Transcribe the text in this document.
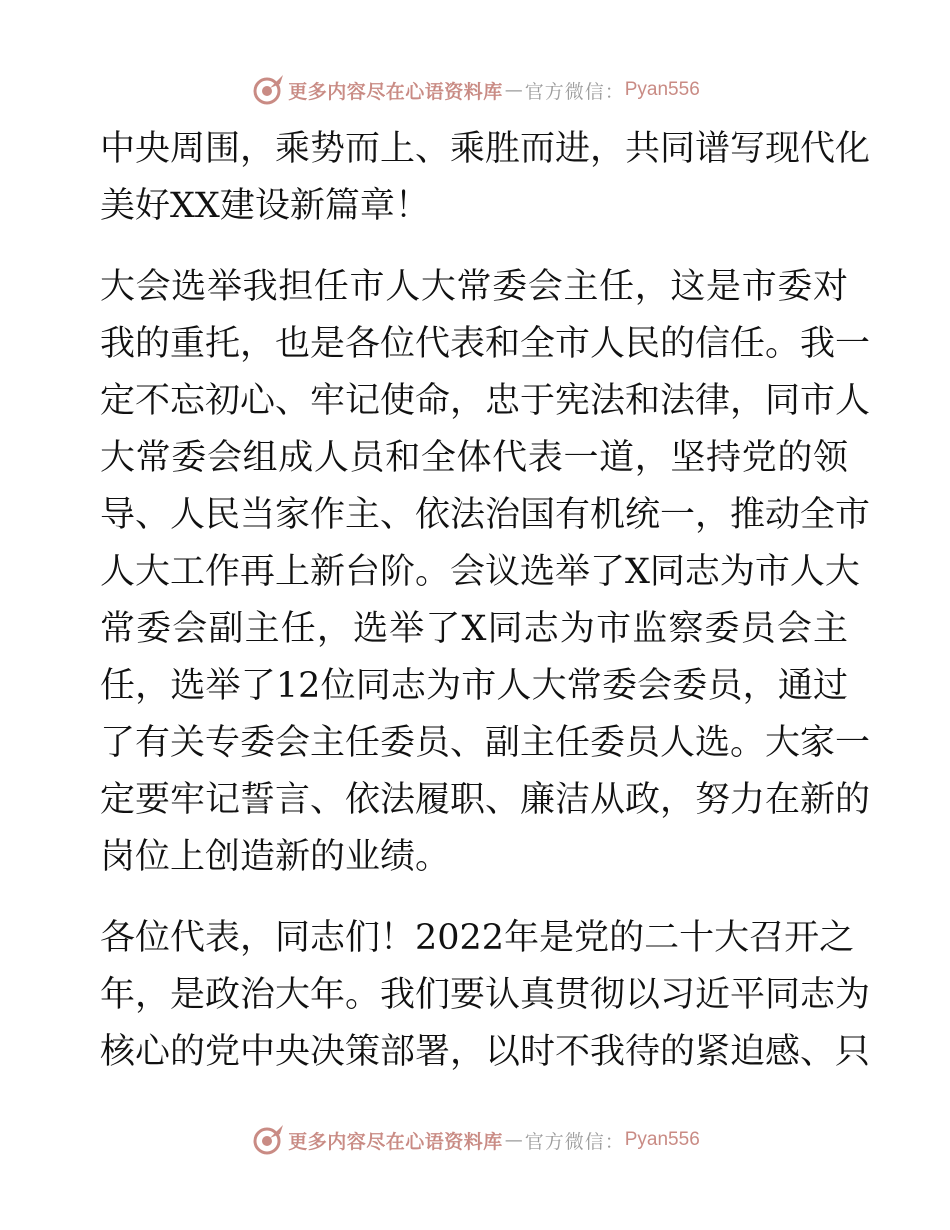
更多内容尽在心语资料库 — 官方微信： Pyan556
中央周围，乘势而上、乘胜而进，共同谱写现代化
美好XX建设新篇章！
大会选举我担任市人大常委会主任，这是市委对
我的重托，也是各位代表和全市人民的信任。我一
定不忘初心、牢记使命，忠于宪法和法律，同市人
大常委会组成人员和全体代表一道，坚持党的领
导、人民当家作主、依法治国有机统一，推动全市
人大工作再上新台阶。会议选举了X同志为市人大
常委会副主任，选举了X同志为市监察委员会主
任，选举了12位同志为市人大常委会委员，通过
了有关专委会主任委员、副主任委员人选。大家一
定要牢记誓言、依法履职、廉洁从政，努力在新的
岗位上创造新的业绩。
各位代表，同志们！2022年是党的二十大召开之
年，是政治大年。我们要认真贯彻以习近平同志为
核心的党中央决策部署，以时不我待的紧迫感、只
更多内容尽在心语资料库 — 官方微信： Pyan556
